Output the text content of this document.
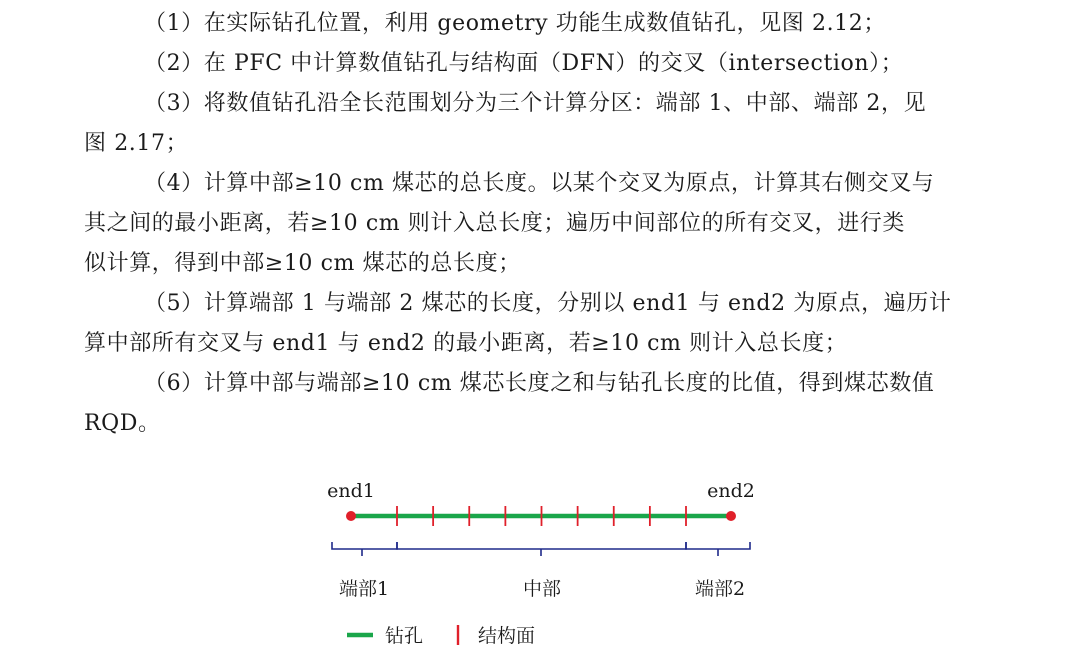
（1）在实际钻孔位置，利用 geometry 功能生成数值钻孔，见图 2.12；

（2）在 PFC 中计算数值钻孔与结构面（DFN）的交叉（intersection）；

（3）将数值钻孔沿全长范围划分为三个计算分区：端部 1、中部、端部 2，见
图 2.17；

（4）计算中部≥10 cm 煤芯的总长度。以某个交叉为原点，计算其右侧交叉与
其之间的最小距离，若≥10 cm 则计入总长度；遍历中间部位的所有交叉，进行类
似计算，得到中部≥10 cm 煤芯的总长度；

（5）计算端部 1 与端部 2 煤芯的长度，分别以 end1 与 end2 为原点，遍历计
算中部所有交叉与 end1 与 end2 的最小距离，若≥10 cm 则计入总长度；

（6）计算中部与端部≥10 cm 煤芯长度之和与钻孔长度的比值，得到煤芯数值
RQD。

end1	end2
端部1	中部	端部2
钻孔	结构面
